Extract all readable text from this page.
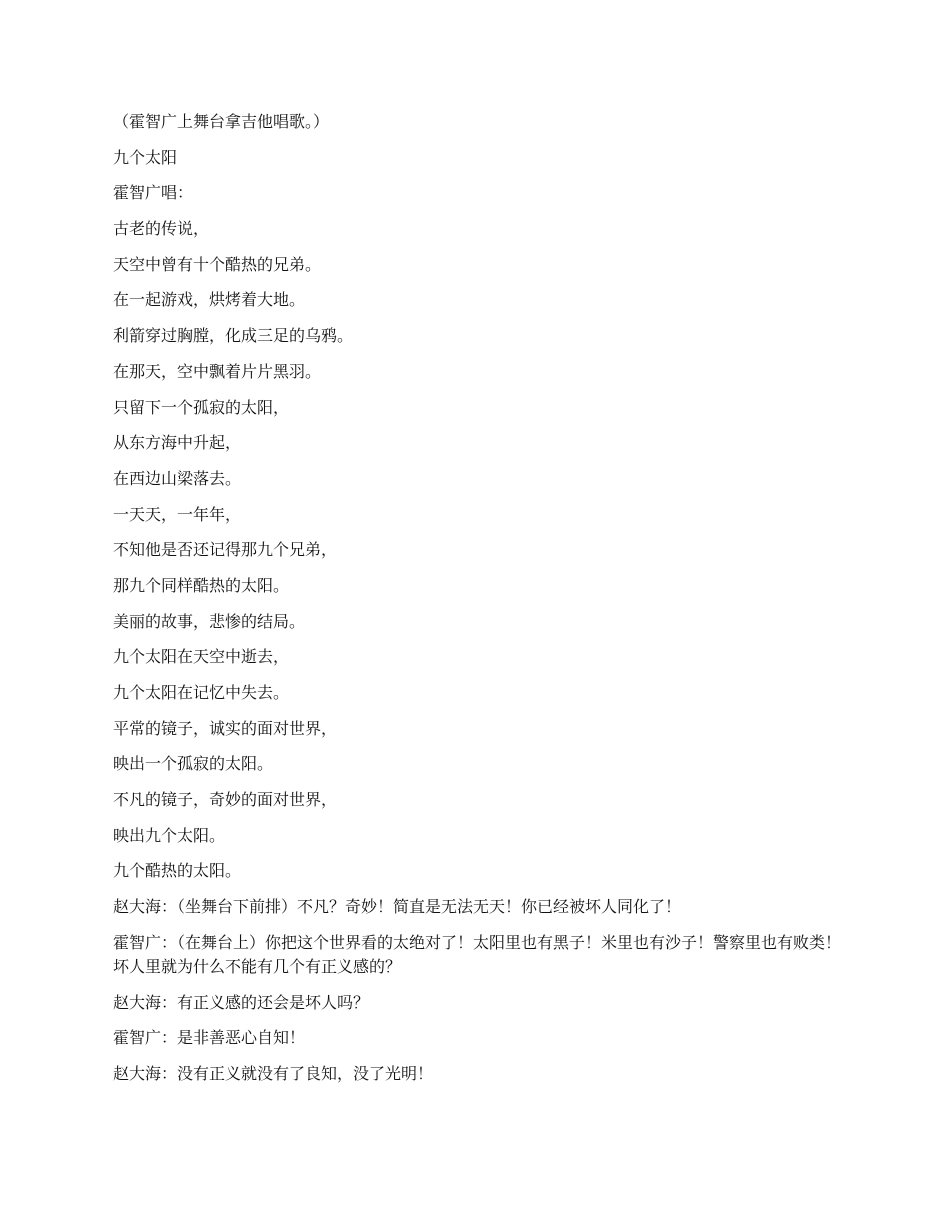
（霍智广上舞台拿吉他唱歌。）

九个太阳

霍智广唱：

古老的传说，

天空中曾有十个酷热的兄弟。

在一起游戏，烘烤着大地。

利箭穿过胸膛，化成三足的乌鸦。

在那天，空中飘着片片黑羽。

只留下一个孤寂的太阳，

从东方海中升起，

在西边山梁落去。

一天天，一年年，

不知他是否还记得那九个兄弟，

那九个同样酷热的太阳。

美丽的故事，悲惨的结局。

九个太阳在天空中逝去，

九个太阳在记忆中失去。

平常的镜子，诚实的面对世界，

映出一个孤寂的太阳。

不凡的镜子，奇妙的面对世界，

映出九个太阳。

九个酷热的太阳。

赵大海：（坐舞台下前排）不凡？奇妙！简直是无法无天！你已经被坏人同化了！

霍智广：（在舞台上）你把这个世界看的太绝对了！太阳里也有黑子！米里也有沙子！警察里也有败类！坏人里就为什么不能有几个有正义感的？

赵大海：有正义感的还会是坏人吗？

霍智广：是非善恶心自知！

赵大海：没有正义就没有了良知，没了光明！
